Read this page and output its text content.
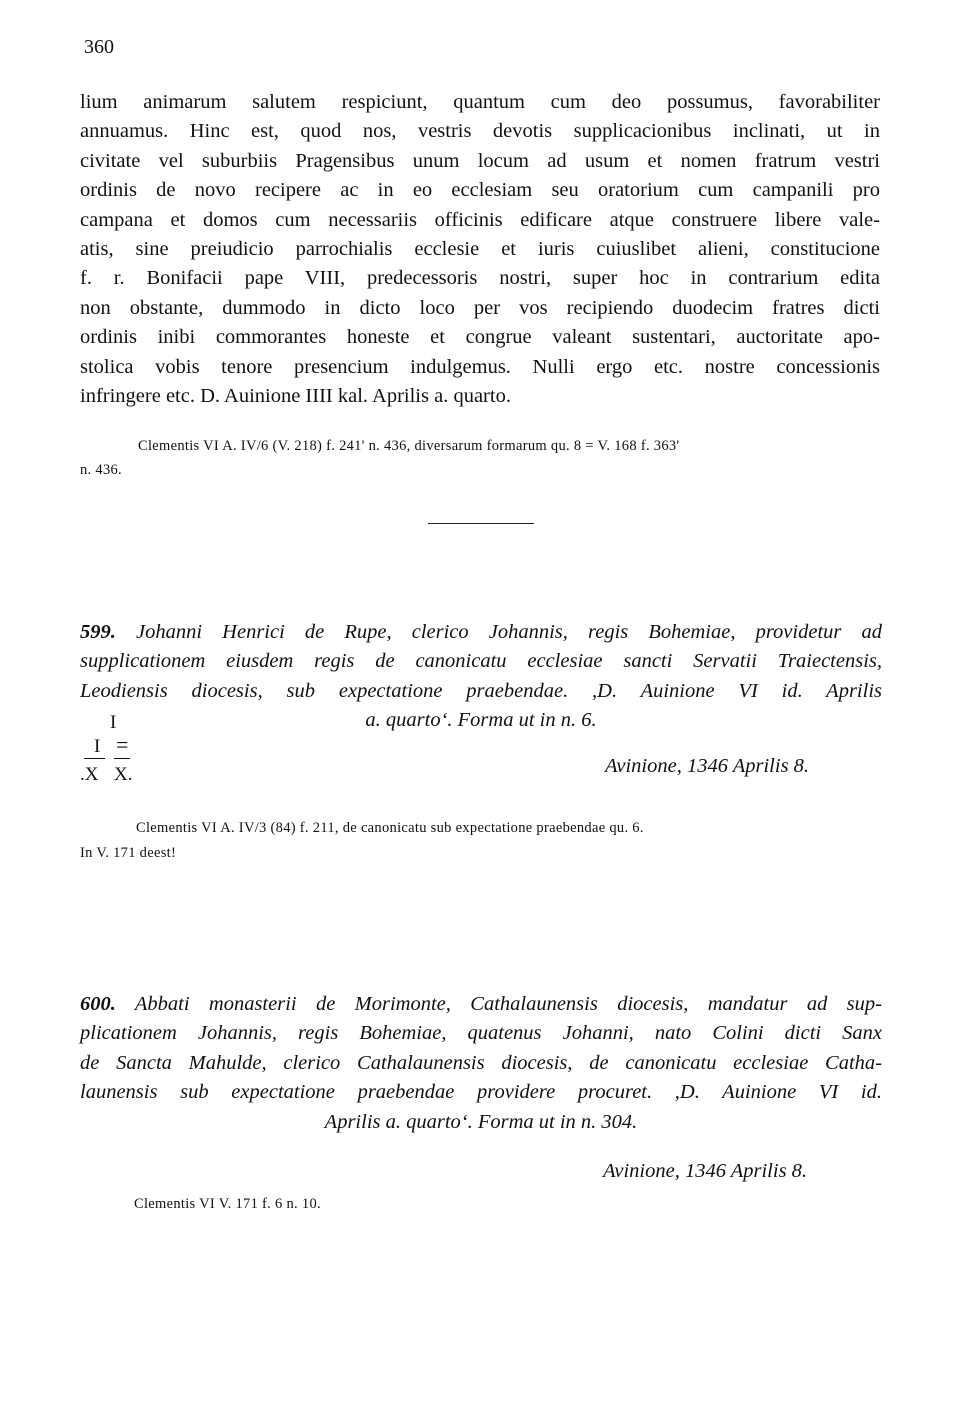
360
lium animarum salutem respiciunt, quantum cum deo possumus, favorabiliter
annuamus. Hinc est, quod nos, vestris devotis supplicacionibus inclinati, ut in
civitate vel suburbiis Pragensibus unum locum ad usum et nomen fratrum vestri
ordinis de novo recipere ac in eo ecclesiam seu oratorium cum campanili pro
campana et domos cum necessariis officinis edificare atque construere libere vale-
atis, sine preiudicio parrochialis ecclesie et iuris cuiuslibet alieni, constitucione
f. r. Bonifacii pape VIII, predecessoris nostri, super hoc in contrarium edita
non obstante, dummodo in dicto loco per vos recipiendo duodecim fratres dicti
ordinis inibi commorantes honeste et congrue valeant sustentari, auctoritate apo-
stolica vobis tenore presencium indulgemus. Nulli ergo etc. nostre concessionis
infringere etc. D. Auinione IIII kal. Aprilis a. quarto.
Clementis VI A. IV/6 (V. 218) f. 241' n. 436, diversarum formarum qu. 8 = V. 168 f. 363'
n. 436.
599. Johanni Henrici de Rupe, clerico Johannis, regis Bohemiae, providetur ad
supplicationem eiusdem regis de canonicatu ecclesiae sancti Servatii Traiectensis,
Leodiensis diocesis, sub expectatione praebendae. ,D. Auinione VI id. Aprilis
a. quarto‘. Forma ut in n. 6.
I
I =
.X X.	Avinione, 1346 Aprilis 8.
Clementis VI A. IV/3 (84) f. 211, de canonicatu sub expectatione praebendae qu. 6.
In V. 171 deest!
600. Abbati monasterii de Morimonte, Cathalaunensis diocesis, mandatur ad sup-
plicationem Johannis, regis Bohemiae, quatenus Johanni, nato Colini dicti Sanx
de Sancta Mahulde, clerico Cathalaunensis diocesis, de canonicatu ecclesiae Catha-
launensis sub expectatione praebendae providere procuret. ,D. Auinione VI id.
Aprilis a. quarto‘. Forma ut in n. 304.
Avinione, 1346 Aprilis 8.
Clementis VI V. 171 f. 6 n. 10.
